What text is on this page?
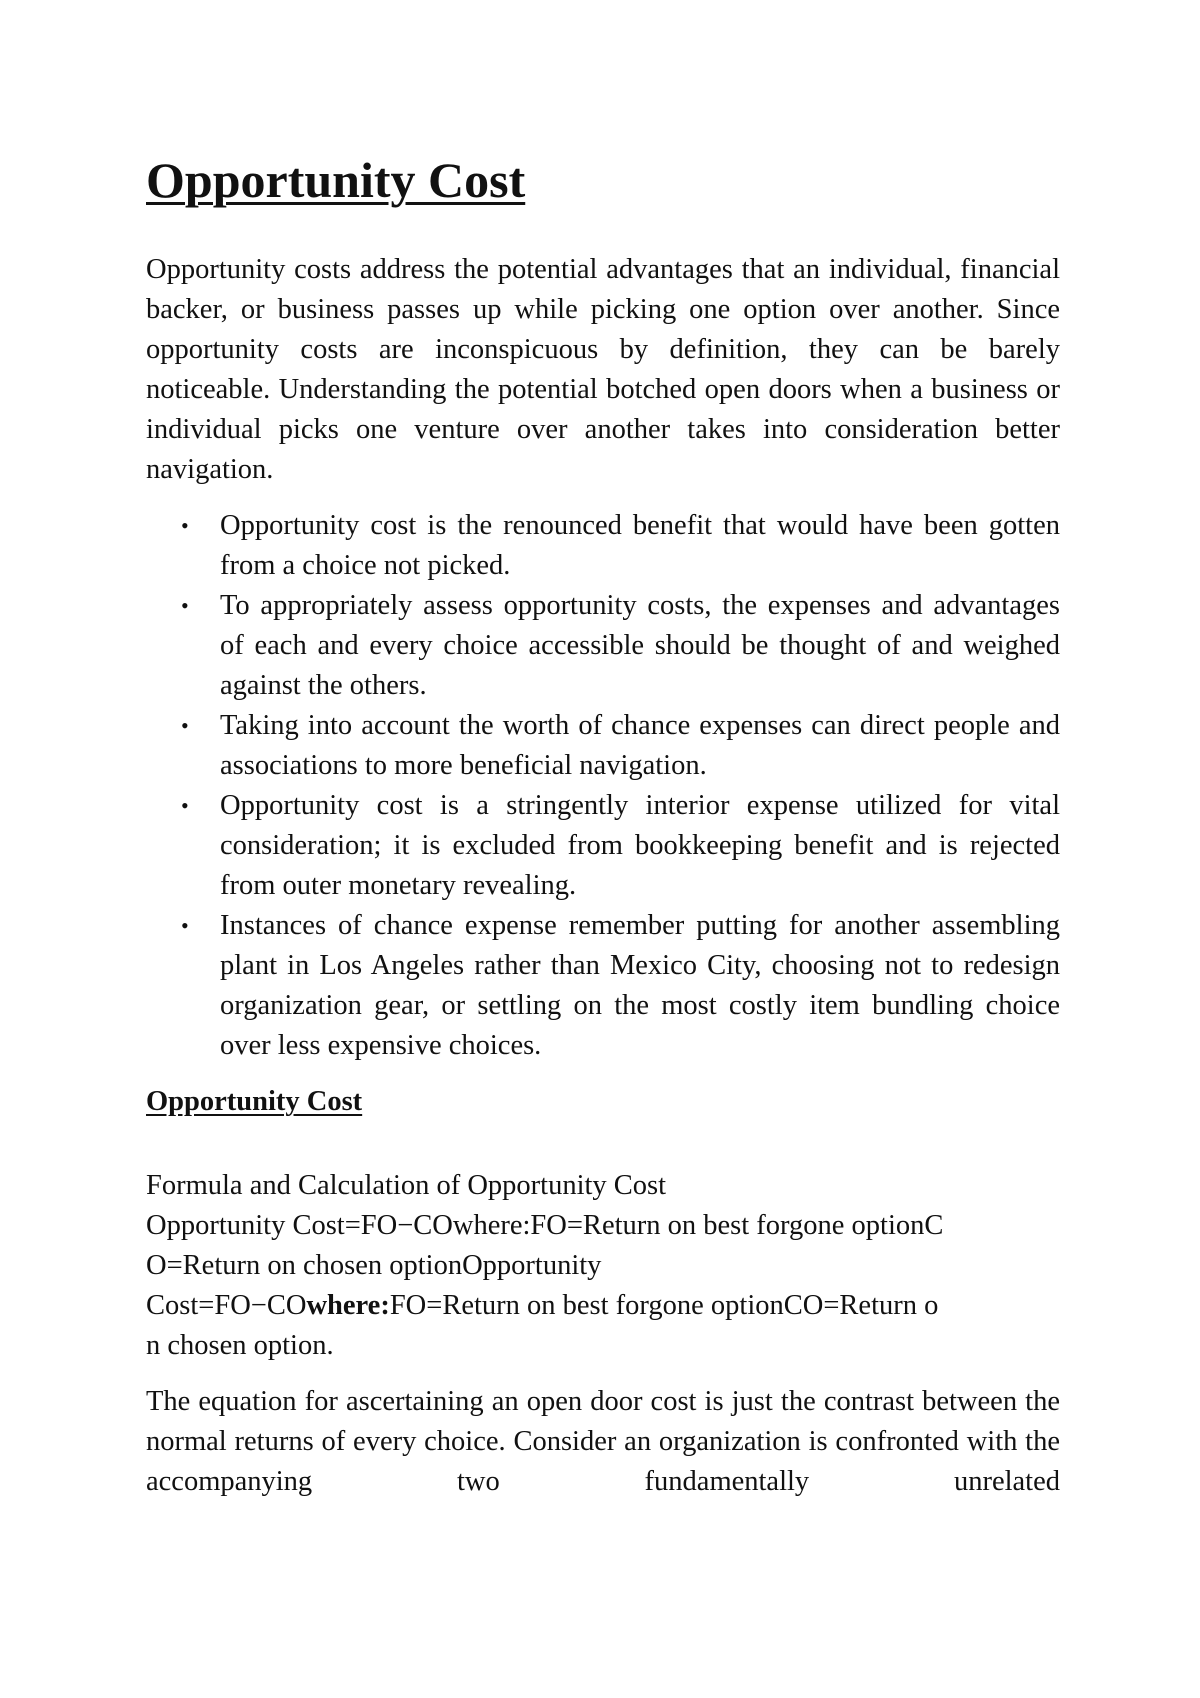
Opportunity Cost

Opportunity costs address the potential advantages that an individual, financial backer, or business passes up while picking one option over another. Since opportunity costs are inconspicuous by definition, they can be barely noticeable. Understanding the potential botched open doors when a business or individual picks one venture over another takes into consideration better navigation.

• Opportunity cost is the renounced benefit that would have been gotten from a choice not picked.
• To appropriately assess opportunity costs, the expenses and advantages of each and every choice accessible should be thought of and weighed against the others.
• Taking into account the worth of chance expenses can direct people and associations to more beneficial navigation.
• Opportunity cost is a stringently interior expense utilized for vital consideration; it is excluded from bookkeeping benefit and is rejected from outer monetary revealing.
• Instances of chance expense remember putting for another assembling plant in Los Angeles rather than Mexico City, choosing not to redesign organization gear, or settling on the most costly item bundling choice over less expensive choices.
Opportunity Cost
Formula and Calculation of Opportunity Cost
Opportunity Cost=FO−COwhere:FO=Return on best forgone optionC
O=Return on chosen optionOpportunity
Cost=FO−COwhere:FO=Return on best forgone optionCO=Return o
n chosen option.

The equation for ascertaining an open door cost is just the contrast between the normal returns of every choice. Consider an organization is confronted with the accompanying two fundamentally unrelated
